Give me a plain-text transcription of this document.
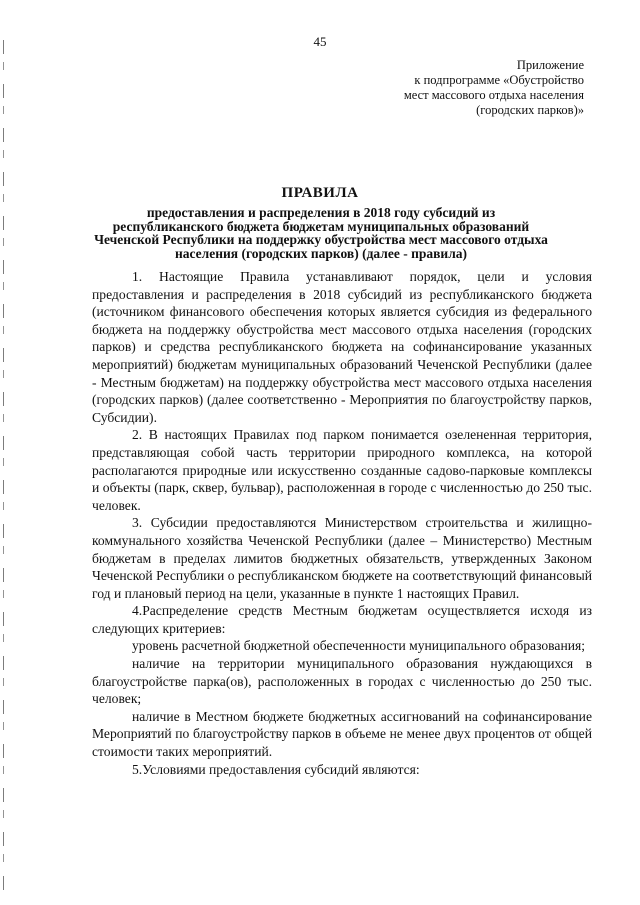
45
Приложение
к подпрограмме «Обустройство
мест массового отдыха населения
(городских парков)»
ПРАВИЛА
предоставления и распределения в 2018 году субсидий из республиканского бюджета бюджетам муниципальных образований Чеченской Республики на поддержку обустройства мест массового отдыха населения (городских парков) (далее - правила)

1. Настоящие Правила устанавливают порядок, цели и условия предоставления и распределения в 2018 субсидий из республиканского бюджета (источником финансового обеспечения которых является субсидия из федерального бюджета на поддержку обустройства мест массового отдыха населения (городских парков) и средства республиканского бюджета на софинансирование указанных мероприятий) бюджетам муниципальных образований Чеченской Республики (далее - Местным бюджетам) на поддержку обустройства мест массового отдыха населения (городских парков) (далее соответственно - Мероприятия по благоустройству парков, Субсидии).

2. В настоящих Правилах под парком понимается озелененная территория, представляющая собой часть территории природного комплекса, на которой располагаются природные или искусственно созданные садово-парковые комплексы и объекты (парк, сквер, бульвар), расположенная в городе с численностью до 250 тыс. человек.

3. Субсидии предоставляются Министерством строительства и жилищно-коммунального хозяйства Чеченской Республики (далее – Министерство) Местным бюджетам в пределах лимитов бюджетных обязательств, утвержденных Законом Чеченской Республики о республиканском бюджете на соответствующий финансовый год и плановый период на цели, указанные в пункте 1 настоящих Правил.

4.Распределение средств Местным бюджетам осуществляется исходя из следующих критериев:

уровень расчетной бюджетной обеспеченности муниципального образования;

наличие на территории муниципального образования нуждающихся в благоустройстве парка(ов), расположенных в городах с численностью до 250 тыс. человек;

наличие в Местном бюджете бюджетных ассигнований на софинансирование Мероприятий по благоустройству парков в объеме не менее двух процентов от общей стоимости таких мероприятий.

5.Условиями предоставления субсидий являются:
